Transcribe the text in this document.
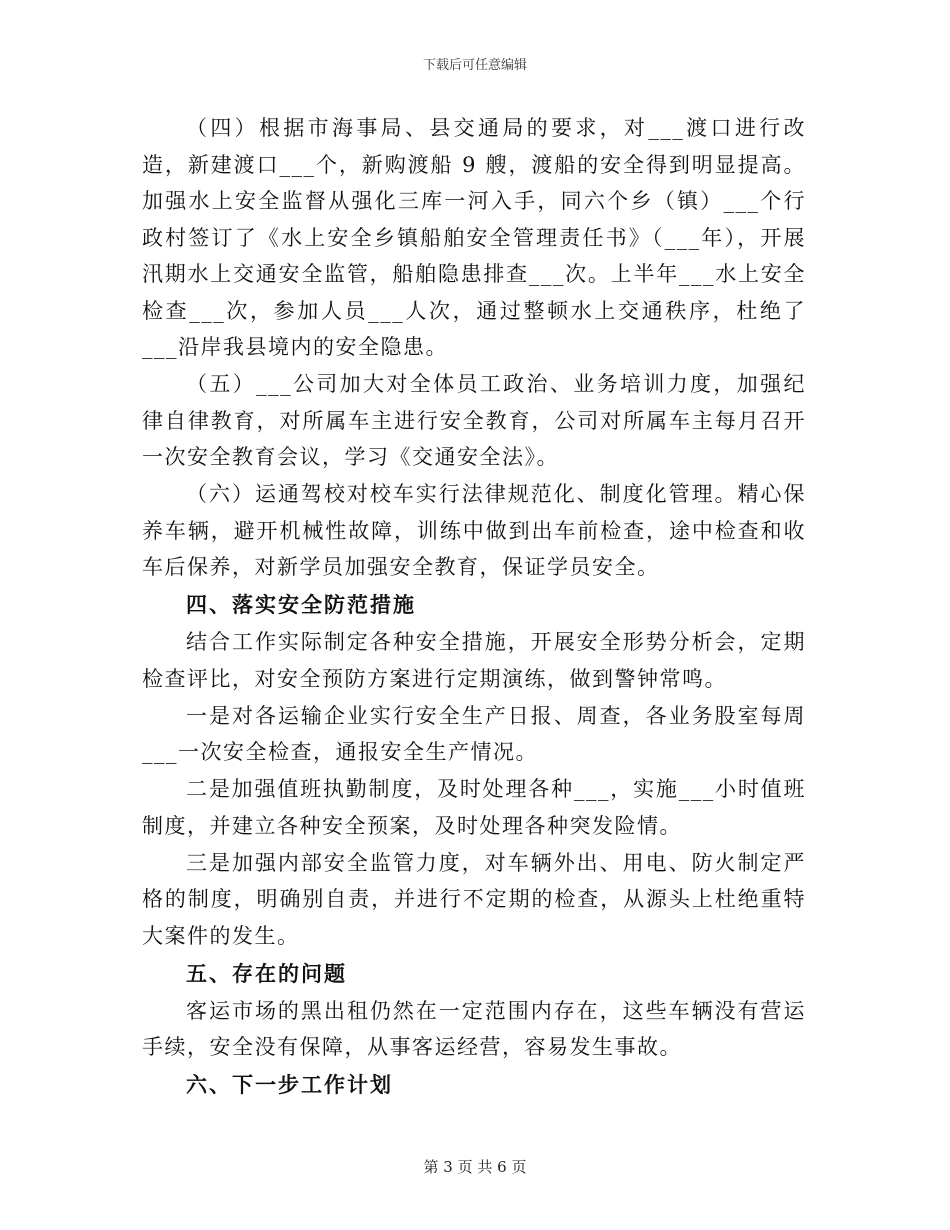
下载后可任意编辑

（四）根据市海事局、县交通局的要求，对___渡口进行改造，新建渡口___个，新购渡船 9 艘，渡船的安全得到明显提高。加强水上安全监督从强化三库一河入手，同六个乡（镇）___个行政村签订了《水上安全乡镇船舶安全管理责任书》（___年），开展汛期水上交通安全监管，船舶隐患排查___次。上半年___水上安全检查___次，参加人员___人次，通过整顿水上交通秩序，杜绝了___沿岸我县境内的安全隐患。

（五）___公司加大对全体员工政治、业务培训力度，加强纪律自律教育，对所属车主进行安全教育，公司对所属车主每月召开一次安全教育会议，学习《交通安全法》。

（六）运通驾校对校车实行法律规范化、制度化管理。精心保养车辆，避开机械性故障，训练中做到出车前检查，途中检查和收车后保养，对新学员加强安全教育，保证学员安全。

四、落实安全防范措施

结合工作实际制定各种安全措施，开展安全形势分析会，定期检查评比，对安全预防方案进行定期演练，做到警钟常鸣。

一是对各运输企业实行安全生产日报、周查，各业务股室每周___一次安全检查，通报安全生产情况。

二是加强值班执勤制度，及时处理各种___，实施___小时值班制度，并建立各种安全预案，及时处理各种突发险情。

三是加强内部安全监管力度，对车辆外出、用电、防火制定严格的制度，明确别自责，并进行不定期的检查，从源头上杜绝重特大案件的发生。

五、存在的问题

客运市场的黑出租仍然在一定范围内存在，这些车辆没有营运手续，安全没有保障，从事客运经营，容易发生事故。

六、下一步工作计划
第 3 页 共 6 页
